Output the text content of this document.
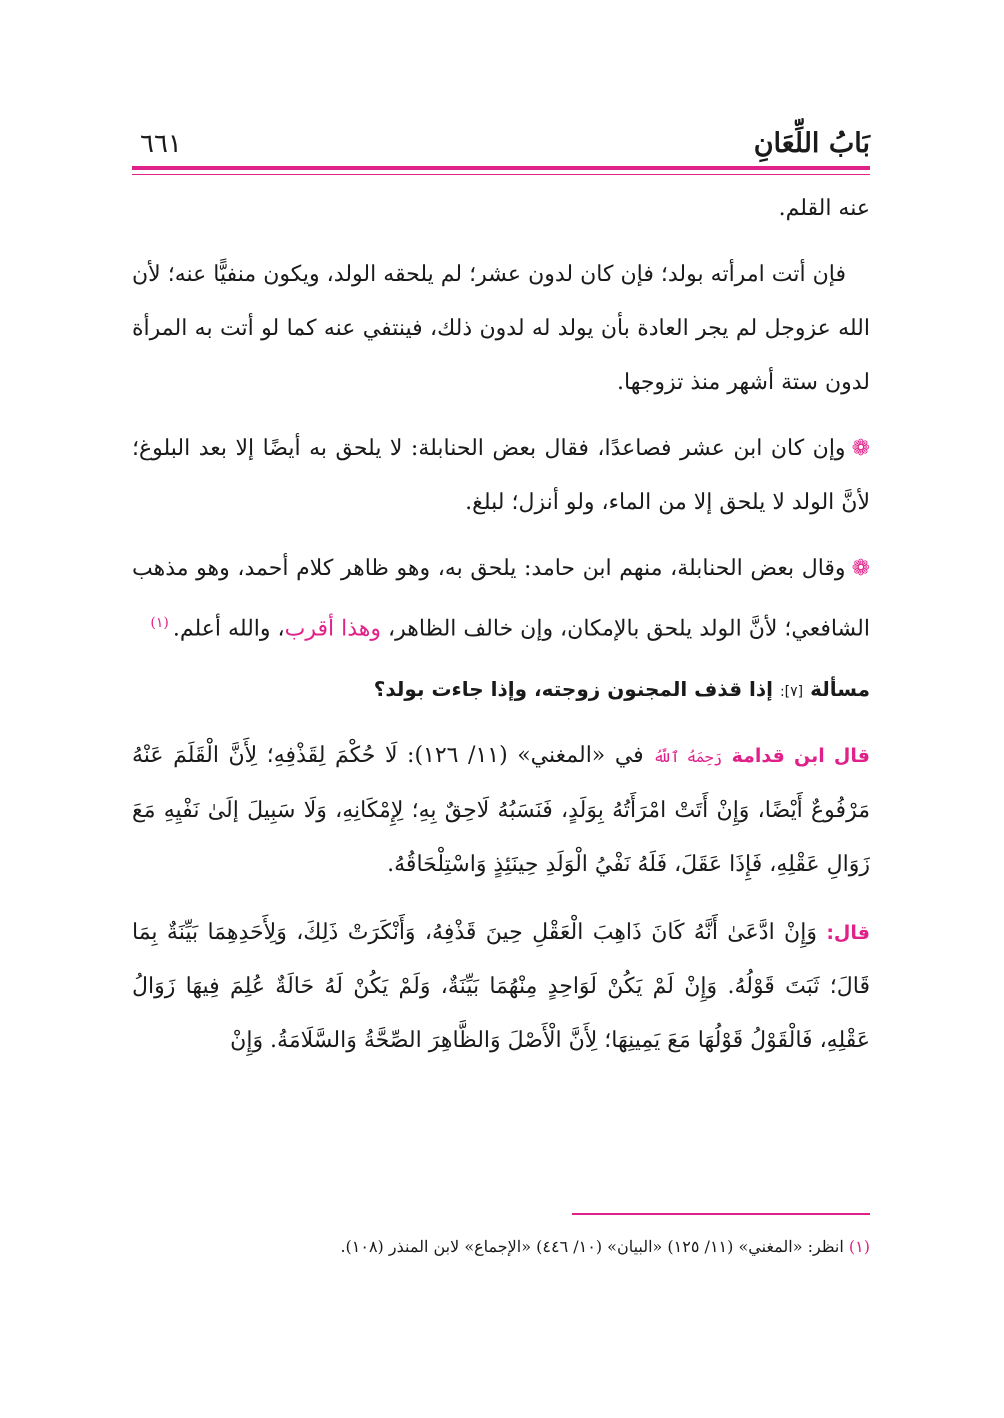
بَابُ اللِّعَانِ
٦٦١

عنه القلم.

فإن أتت امرأته بولد؛ فإن كان لدون عشر؛ لم يلحقه الولد، ويكون منفيًّا عنه؛ لأن الله عزوجل لم يجر العادة بأن يولد له لدون ذلك، فينتفي عنه كما لو أتت به المرأة لدون ستة أشهر منذ تزوجها.

❁وإن كان ابن عشر فصاعدًا، فقال بعض الحنابلة: لا يلحق به أيضًا إلا بعد البلوغ؛ لأنَّ الولد لا يلحق إلا من الماء، ولو أنزل؛ لبلغ.

❁وقال بعض الحنابلة، منهم ابن حامد: يلحق به، وهو ظاهر كلام أحمد، وهو مذهب الشافعي؛ لأنَّ الولد يلحق بالإمكان، وإن خالف الظاهر، وهذا أقرب، والله أعلم.$^{(١)}$

مسألة [٧]: إذا قذف المجنون زوجته، وإذا جاءت بولد؟

قال ابن قدامة رَحِمَهُ ٱللَّهُ في «المغني» (١١/ ١٢٦): لَا حُكْمَ لِقَذْفِهِ؛ لِأَنَّ الْقَلَمَ عَنْهُ مَرْفُوعٌ أَيْضًا، وَإِنْ أَتَتْ امْرَأَتُهُ بِوَلَدٍ، فَنَسَبُهُ لَاحِقٌ بِهِ؛ لِإِمْكَانِهِ، وَلَا سَبِيلَ إلَىٰ نَفْيِهِ مَعَ زَوَالِ عَقْلِهِ، فَإِذَا عَقَلَ، فَلَهُ نَفْيُ الْوَلَدِ حِينَئِذٍ وَاسْتِلْحَاقُهُ.

قال: وَإِنْ ادَّعَىٰ أَنَّهُ كَانَ ذَاهِبَ الْعَقْلِ حِينَ قَذْفِهُ، وَأَنْكَرَتْ ذَلِكَ، وَلِأَحَدِهِمَا بَيِّنَةٌ بِمَا قَالَ؛ ثَبَتَ قَوْلُهُ. وَإِنْ لَمْ يَكُنْ لَوَاحِدٍ مِنْهُمَا بَيِّنَةٌ، وَلَمْ يَكُنْ لَهُ حَالَةٌ عُلِمَ فِيهَا زَوَالُ عَقْلِهِ، فَالْقَوْلُ قَوْلُهَا مَعَ يَمِينِهَا؛ لِأَنَّ الْأَصْلَ وَالظَّاهِرَ الصِّحَّةُ وَالسَّلَامَةُ. وَإِنْ

(١) انظر: «المغني» (١١/ ١٢٥) «البيان» (١٠/ ٤٤٦) «الإجماع» لابن المنذر (١٠٨).
